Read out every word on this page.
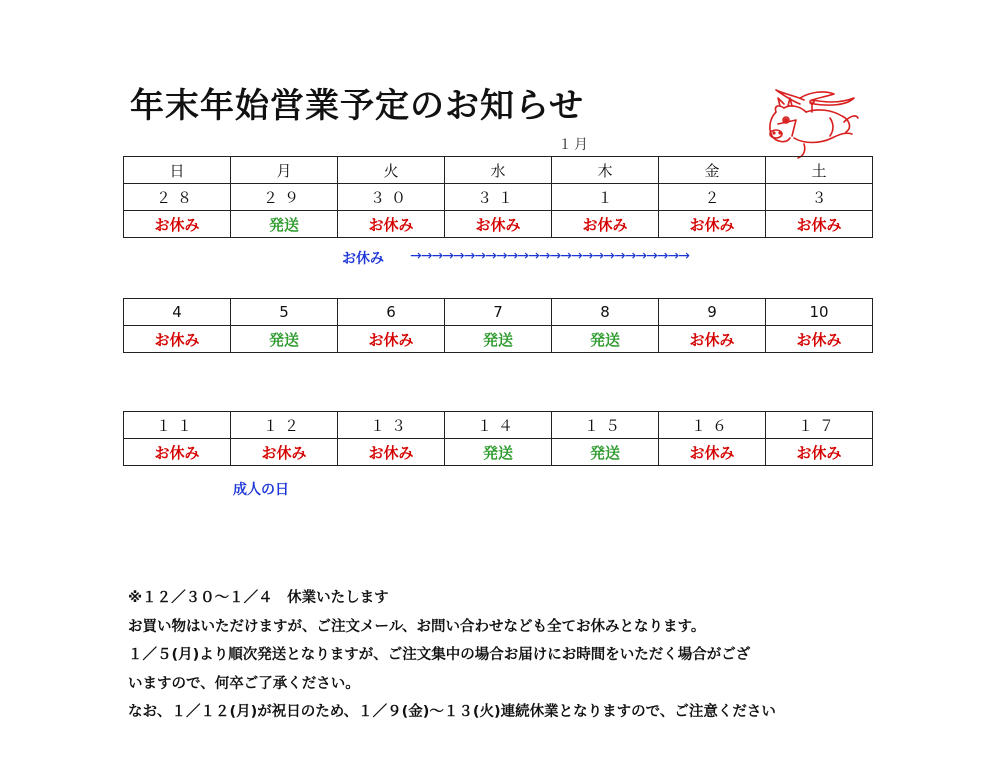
年末年始営業予定のお知らせ
１月
日	月	火	水	木	金	土
２８	２９	３０	３１	１	２	３
お休み	発送	お休み	お休み	お休み	お休み	お休み
お休み →→→→→→→→→→→→→→→→→→→→→→→→→→
4	5	6	7	8	9	10
お休み	発送	お休み	発送	発送	お休み	お休み
１１	１２	１３	１４	１５	１６	１７
お休み	お休み	お休み	発送	発送	お休み	お休み
成人の日

※１２／３０～１／４　休業いたします

お買い物はいただけますが、ご注文メール、お問い合わせなども全てお休みとなります。

１／５(月)より順次発送となりますが、ご注文集中の場合お届けにお時間をいただく場合がござ

いますので、何卒ご了承ください。

なお、１／１２(月)が祝日のため、１／９(金)～１３(火)連続休業となりますので、ご注意ください
